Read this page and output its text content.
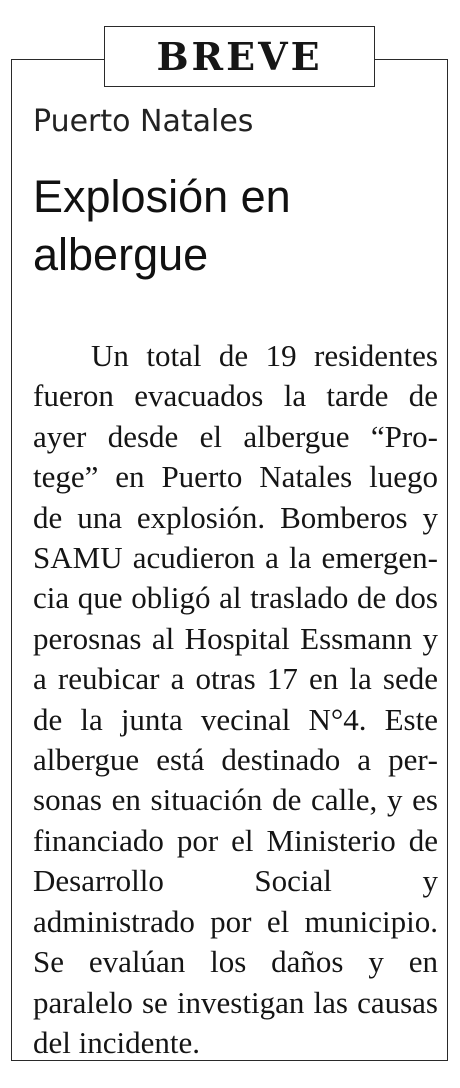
BREVE
Puerto Natales
Explosión en albergue

Un total de 19 residentes fueron evacuados la tarde de ayer desde el albergue “Protege” en Puerto Natales luego de una explosión. Bomberos y SAMU acudieron a la emergencia que obligó al traslado de dos perosnas al Hospital Essmann y a reubicar a otras 17 en la sede de la junta vecinal N°4. Este albergue está destinado a personas en situación de calle, y es financiado por el Ministerio de Desarrollo Social y administrado por el municipio. Se evalúan los daños y en paralelo se investigan las causas del incidente.
